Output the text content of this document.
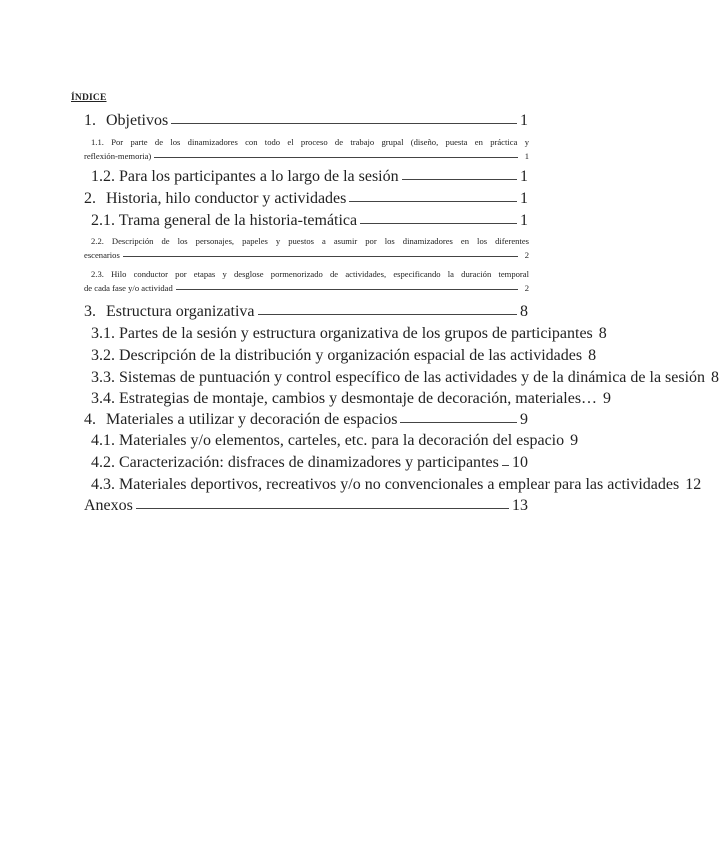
ÍNDICE
1. Objetivos	1
1.1. Por parte de los dinamizadores con todo el proceso de trabajo grupal (diseño, puesta en práctica y
reflexión-memoria)	1
1.2. Para los participantes a lo largo de la sesión	1
2. Historia, hilo conductor y actividades	1
2.1. Trama general de la historia-temática	1
2.2. Descripción de los personajes, papeles y puestos a asumir por los dinamizadores en los diferentes
escenarios	2
2.3. Hilo conductor por etapas y desglose pormenorizado de actividades, especificando la duración temporal
de cada fase y/o actividad	2
3. Estructura organizativa	8
3.1. Partes de la sesión y estructura organizativa de los grupos de participantes 8
3.2. Descripción de la distribución y organización espacial de las actividades 8
3.3. Sistemas de puntuación y control específico de las actividades y de la dinámica de la sesión 8
3.4. Estrategias de montaje, cambios y desmontaje de decoración, materiales… 9
4. Materiales a utilizar y decoración de espacios	9
4.1. Materiales y/o elementos, carteles, etc. para la decoración del espacio 9
4.2. Caracterización: disfraces de dinamizadores y participantes 10
4.3. Materiales deportivos, recreativos y/o no convencionales a emplear para las actividades 12
Anexos	13
